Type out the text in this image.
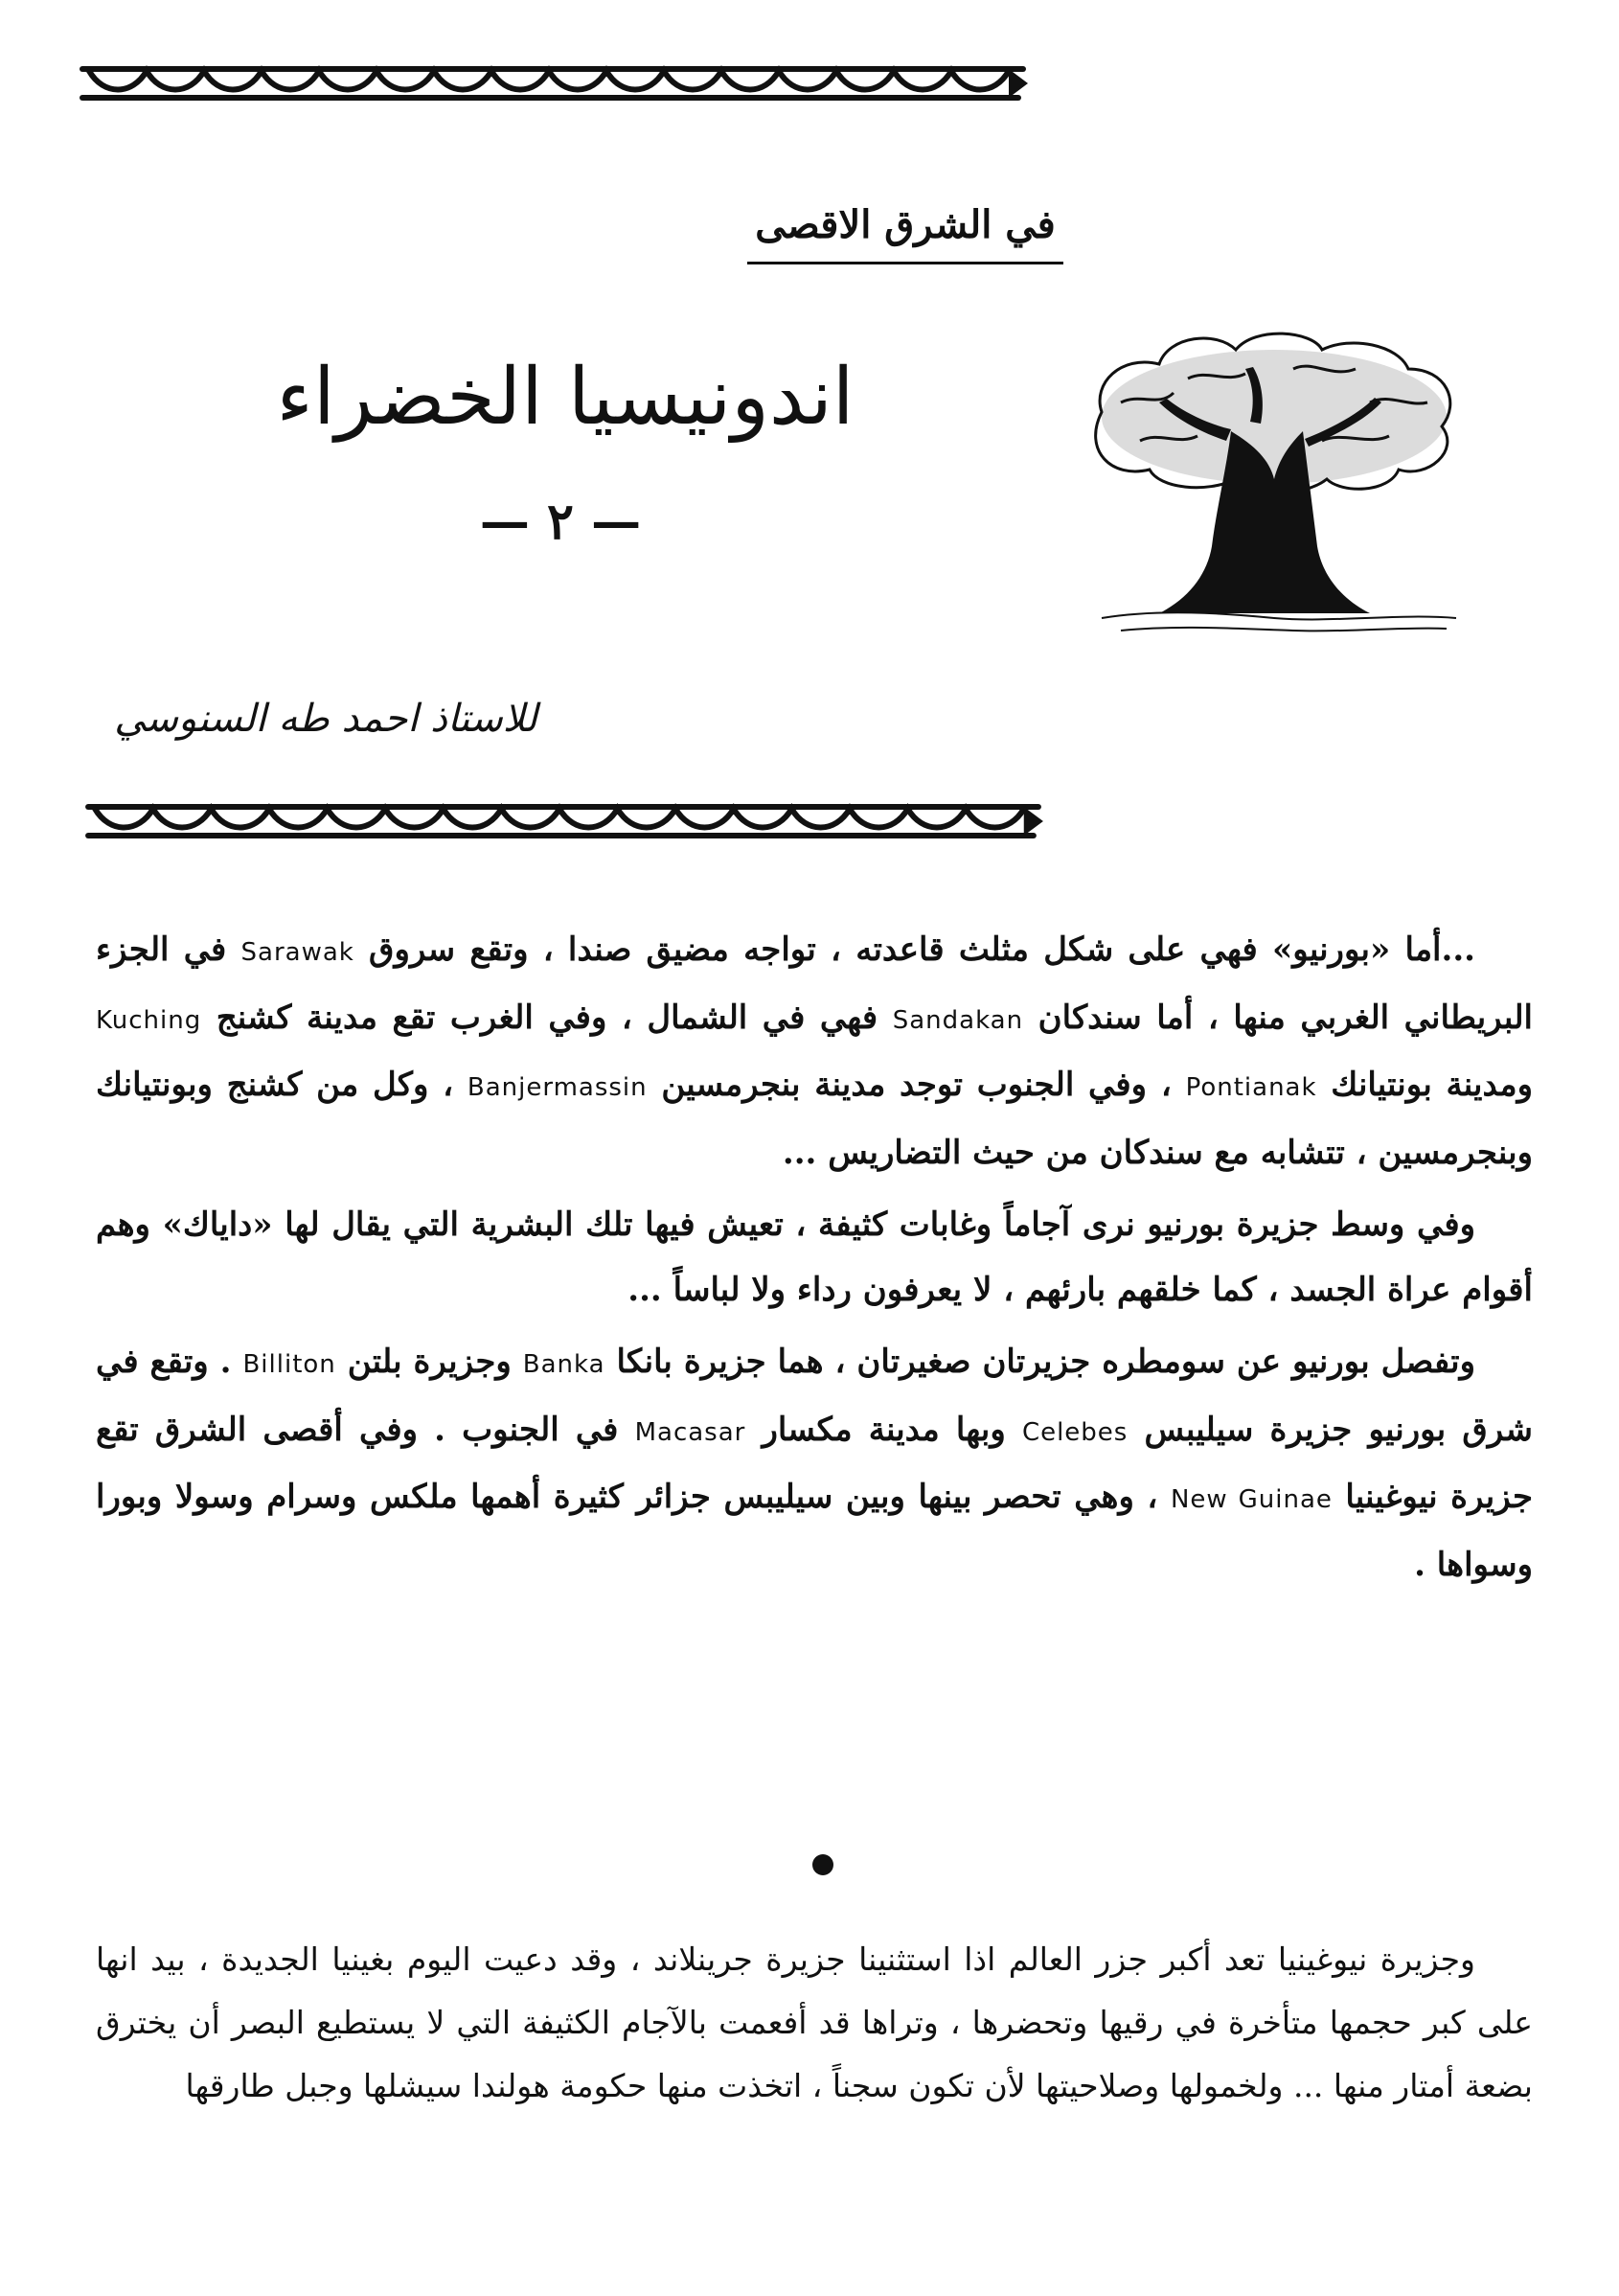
في الشرق الاقصى
اندونيسيا الخضراء
— ٢ —
للاستاذ احمد طه السنوسي

...أما «بورنيو» فهي على شكل مثلث قاعدته ، تواجه مضيق صندا ، وتقع سروق Sarawak في الجزء البريطاني الغربي منها ، أما سندكان Sandakan فهي في الشمال ، وفي الغرب تقع مدينة كشنج Kuching ومدينة بونتيانك Pontianak ، وفي الجنوب توجد مدينة بنجرمسين Banjermassin ، وكل من كشنج وبونتيانك وبنجرمسين ، تتشابه مع سندكان من حيث التضاريس ...

وفي وسط جزيرة بورنيو نرى آجاماً وغابات كثيفة ، تعيش فيها تلك البشرية التي يقال لها «داياك» وهم أقوام عراة الجسد ، كما خلقهم بارئهم ، لا يعرفون رداء ولا لباساً ...

وتفصل بورنيو عن سومطره جزيرتان صغيرتان ، هما جزيرة بانكا Banka وجزيرة بلتن Billiton . وتقع في شرق بورنيو جزيرة سيليبس Celebes وبها مدينة مكسار Macasar في الجنوب . وفي أقصى الشرق تقع جزيرة نيوغينيا New Guinae ، وهي تحصر بينها وبين سيليبس جزائر كثيرة أهمها ملكس وسرام وسولا وبورا وسواها .

وجزيرة نيوغينيا تعد أكبر جزر العالم اذا استثنينا جزيرة جرينلاند ، وقد دعيت اليوم بغينيا الجديدة ، بيد انها على كبر حجمها متأخرة في رقيها وتحضرها ، وتراها قد أفعمت بالآجام الكثيفة التي لا يستطيع البصر أن يخترق بضعة أمتار منها ... ولخمولها وصلاحيتها لأن تكون سجناً ، اتخذت منها حكومة هولندا سيشلها وجبل طارقها
